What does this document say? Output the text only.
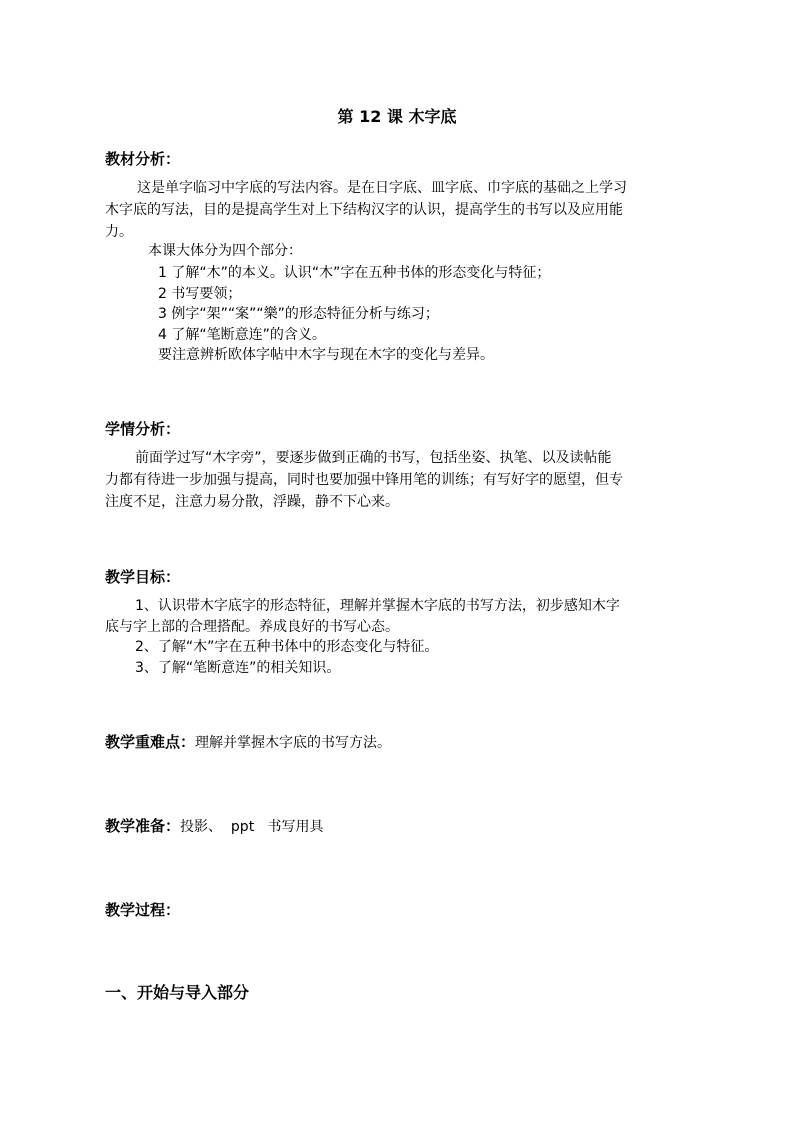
第 12 课 木字底
教材分析：
这是单字临习中字底的写法内容。是在日字底、皿字底、巾字底的基础之上学习
木字底的写法，目的是提高学生对上下结构汉字的认识，提高学生的书写以及应用能
力。
本课大体分为四个部分：
1 了解“木”的本义。认识“木”字在五种书体的形态变化与特征；
2 书写要领；
3 例字“架”“案”“樂”的形态特征分析与练习；
4 了解“笔断意连”的含义。
要注意辨析欧体字帖中木字与现在木字的变化与差异。
学情分析：
前面学过写“木字旁”，要逐步做到正确的书写，包括坐姿、执笔、以及读帖能
力都有待进一步加强与提高，同时也要加强中锋用笔的训练；有写好字的愿望，但专
注度不足，注意力易分散，浮躁，静不下心来。
教学目标：
1、认识带木字底字的形态特征，理解并掌握木字底的书写方法，初步感知木字
底与字上部的合理搭配。养成良好的书写心态。
2、了解“木”字在五种书体中的形态变化与特征。
3、了解“笔断意连”的相关知识。
教学重难点：理解并掌握木字底的书写方法。
教学准备：投影、  ppt   书写用具
教学过程：
一、开始与导入部分
